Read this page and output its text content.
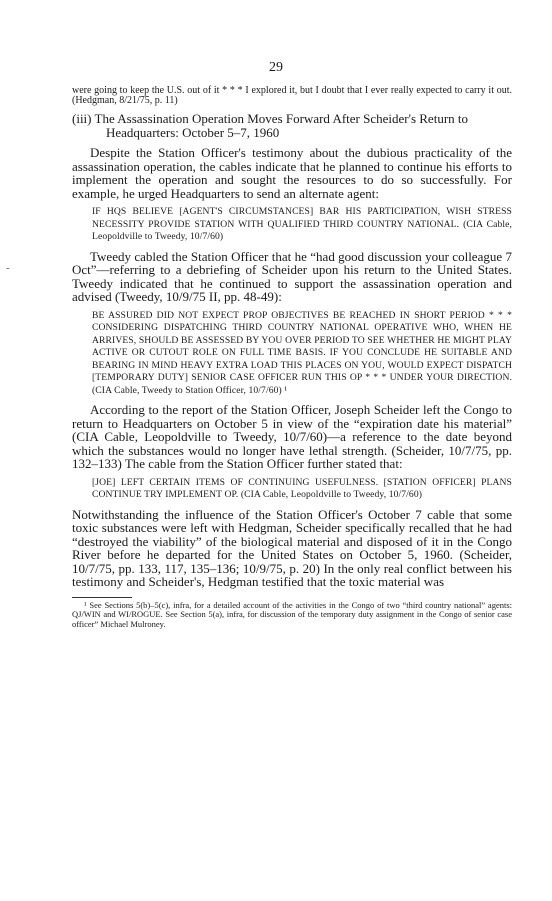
29
-

were going to keep the U.S. out of it * * * I explored it, but I doubt that I ever really expected to carry it out. (Hedgman, 8/21/75, p. 11)

(iii) The Assassination Operation Moves Forward After Scheider's Return to Headquarters: October 5–7, 1960

Despite the Station Officer's testimony about the dubious practicality of the assassination operation, the cables indicate that he planned to continue his efforts to implement the operation and sought the resources to do so successfully. For example, he urged Headquarters to send an alternate agent:

IF HQS BELIEVE [AGENT'S CIRCUMSTANCES] BAR HIS PARTICIPATION, WISH STRESS NECESSITY PROVIDE STATION WITH QUALIFIED THIRD COUNTRY NATIONAL. (CIA Cable, Leopoldville to Tweedy, 10/7/60)

Tweedy cabled the Station Officer that he “had good discussion your colleague 7 Oct”—referring to a debriefing of Scheider upon his return to the United States. Tweedy indicated that he continued to support the assassination operation and advised (Tweedy, 10/9/75 II, pp. 48-49):

BE ASSURED DID NOT EXPECT PROP OBJECTIVES BE REACHED IN SHORT PERIOD * * * CONSIDERING DISPATCHING THIRD COUNTRY NATIONAL OPERATIVE WHO, WHEN HE ARRIVES, SHOULD BE ASSESSED BY YOU OVER PERIOD TO SEE WHETHER HE MIGHT PLAY ACTIVE OR CUTOUT ROLE ON FULL TIME BASIS. IF YOU CONCLUDE HE SUITABLE AND BEARING IN MIND HEAVY EXTRA LOAD THIS PLACES ON YOU, WOULD EXPECT DISPATCH [TEMPORARY DUTY] SENIOR CASE OFFICER RUN THIS OP * * * UNDER YOUR DIRECTION. (CIA Cable, Tweedy to Station Officer, 10/7/60) ¹

According to the report of the Station Officer, Joseph Scheider left the Congo to return to Headquarters on October 5 in view of the “expiration date his material” (CIA Cable, Leopoldville to Tweedy, 10/7/60)—a reference to the date beyond which the substances would no longer have lethal strength. (Scheider, 10/7/75, pp. 132–133) The cable from the Station Officer further stated that:

[JOE] LEFT CERTAIN ITEMS OF CONTINUING USEFULNESS. [STATION OFFICER] PLANS CONTINUE TRY IMPLEMENT OP. (CIA Cable, Leopoldville to Tweedy, 10/7/60)

Notwithstanding the influence of the Station Officer's October 7 cable that some toxic substances were left with Hedgman, Scheider specifically recalled that he had “destroyed the viability” of the biological material and disposed of it in the Congo River before he departed for the United States on October 5, 1960. (Scheider, 10/7/75, pp. 133, 117, 135–136; 10/9/75, p. 20) In the only real conflict between his testimony and Scheider's, Hedgman testified that the toxic material was

¹ See Sections 5(b)–5(c), infra, for a detailed account of the activities in the Congo of two “third country national” agents: QJ/WIN and WI/ROGUE. See Section 5(a), infra, for discussion of the temporary duty assignment in the Congo of senior case officer” Michael Mulroney.
